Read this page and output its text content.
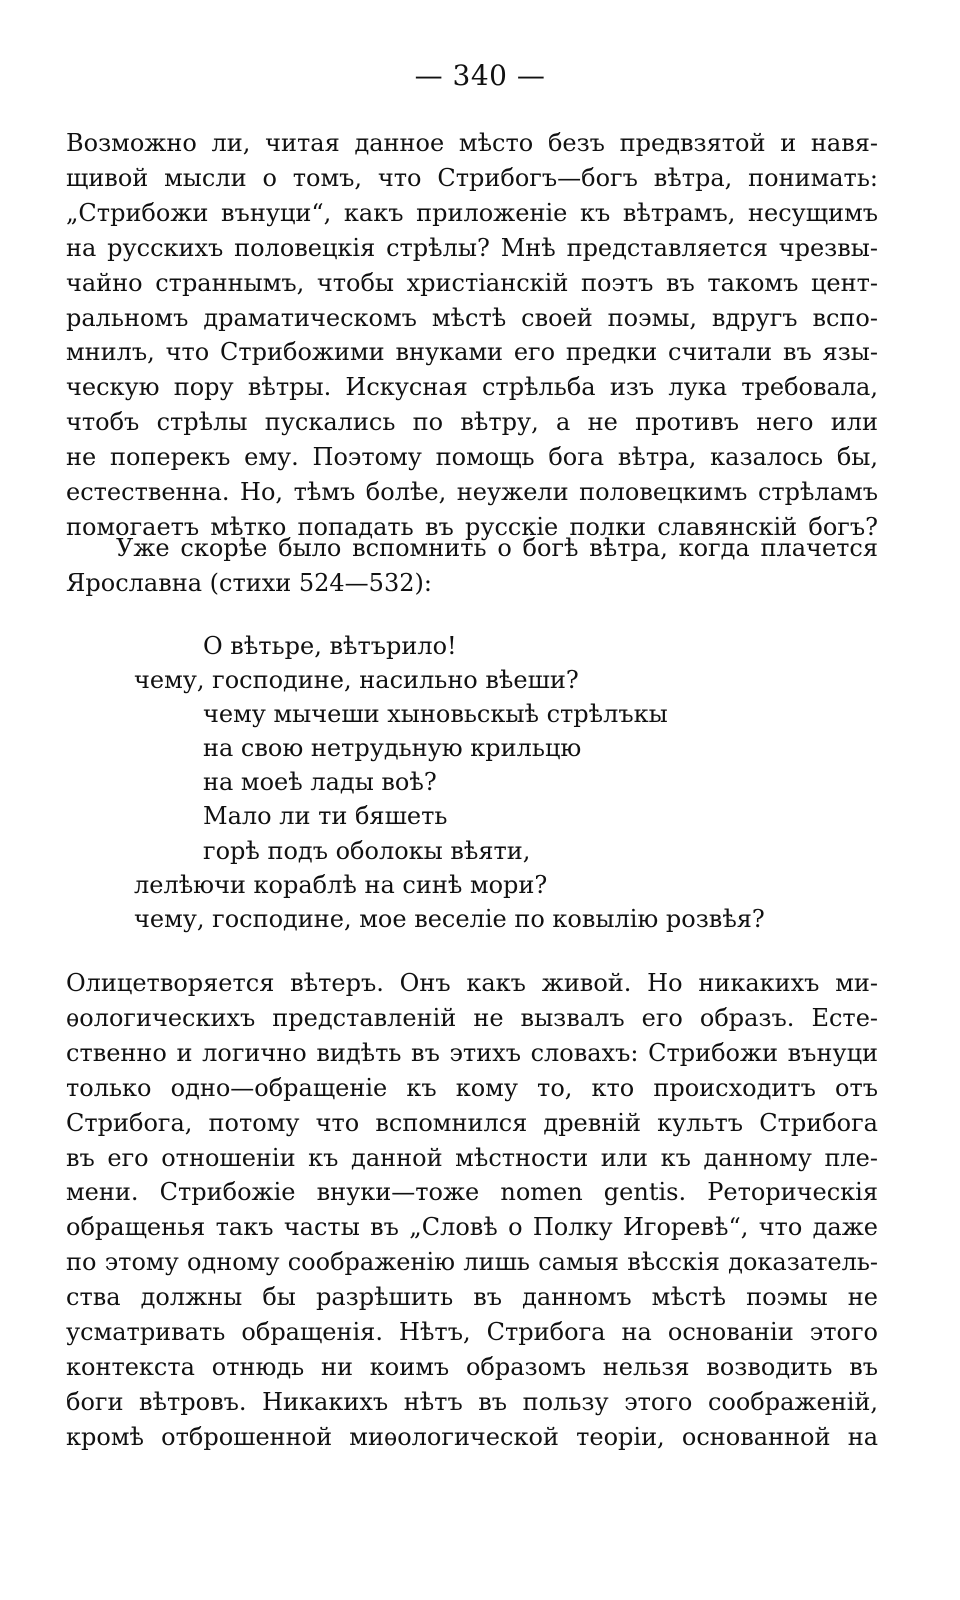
— 340 —
Возможно ли, читая данное мѣсто безъ предвзятой и навя-
щивой мысли о томъ, что Стрибогъ—богъ вѣтра, понимать:
„Стрибожи вънуци“, какъ приложеніе къ вѣтрамъ, несущимъ
на русскихъ половецкія стрѣлы? Мнѣ представляется чрезвы-
чайно страннымъ, чтобы христіанскій поэтъ въ такомъ цент-
ральномъ драматическомъ мѣстѣ своей поэмы, вдругъ вспо-
мнилъ, что Стрибожими внуками его предки считали въ язы-
ческую пору вѣтры. Искусная стрѣльба изъ лука требовала,
чтобъ стрѣлы пускались по вѣтру, а не противъ него или
не поперекъ ему. Поэтому помощь бога вѣтра, казалось бы,
естественна. Но, тѣмъ болѣе, неужели половецкимъ стрѣламъ
помогаетъ мѣтко попадать въ русскіе полки славянскій богъ?
Уже скорѣе было вспомнить о богѣ вѣтра, когда плачется
Ярославна (стихи 524—532):
О вѣтьре, вѣтърило!
чему, господине, насильно вѣеши?
чему мычеши хыновьскыѣ стрѣлъкы
на свою нетрудьную крильцю
на моеѣ лады воѣ?
Мало ли ти бяшеть
горѣ подъ оболокы вѣяти,
лелѣючи кораблѣ на синѣ мори?
чему, господине, мое веселіе по ковылію розвѣя?
Олицетворяется вѣтеръ. Онъ какъ живой. Но никакихъ ми-
ѳологическихъ представленій не вызвалъ его образъ. Есте-
ственно и логично видѣть въ этихъ словахъ: Стрибожи вънуци
только одно—обращеніе къ кому то, кто происходитъ отъ
Стрибога, потому что вспомнился древній культъ Стрибога
въ его отношеніи къ данной мѣстности или къ данному пле-
мени. Стрибожіе внуки—тоже nomen gentis. Реторическія
обращенья такъ часты въ „Словѣ о Полку Игоревѣ“, что даже
по этому одному соображенію лишь самыя вѣсскія доказатель-
ства должны бы разрѣшить въ данномъ мѣстѣ поэмы не
усматривать обращенія. Нѣтъ, Стрибога на основаніи этого
контекста отнюдь ни коимъ образомъ нельзя возводить въ
боги вѣтровъ. Никакихъ нѣтъ въ пользу этого соображеній,
кромѣ отброшенной миѳологической теоріи, основанной на
